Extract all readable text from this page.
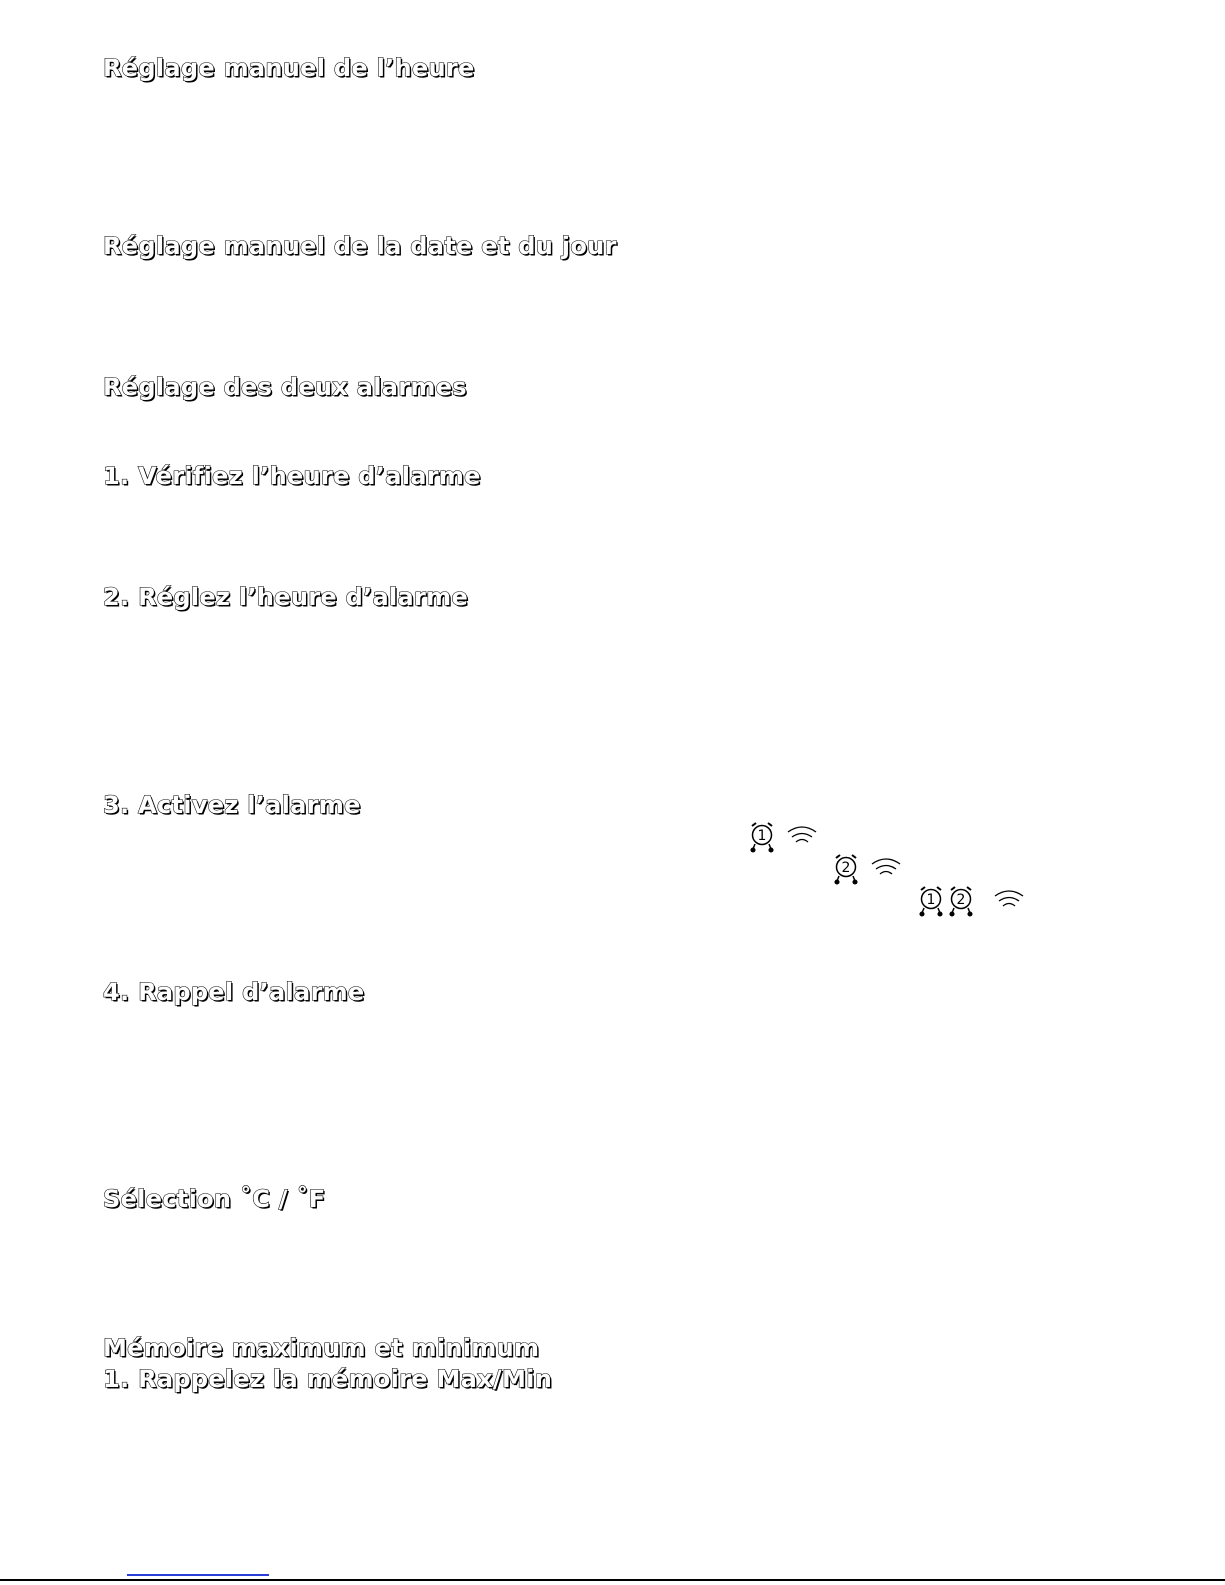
Réglage manuel de l’heure
Réglage manuel de la date et du jour
Réglage des deux alarmes
1. Vérifiez l’heure d’alarme
2. Réglez l’heure d’alarme
3. Activez l’alarme
1
2
1 2
4. Rappel d’alarme
Sélection ˚C / ˚F
Mémoire maximum et minimum
1. Rappelez la mémoire Max/Min
